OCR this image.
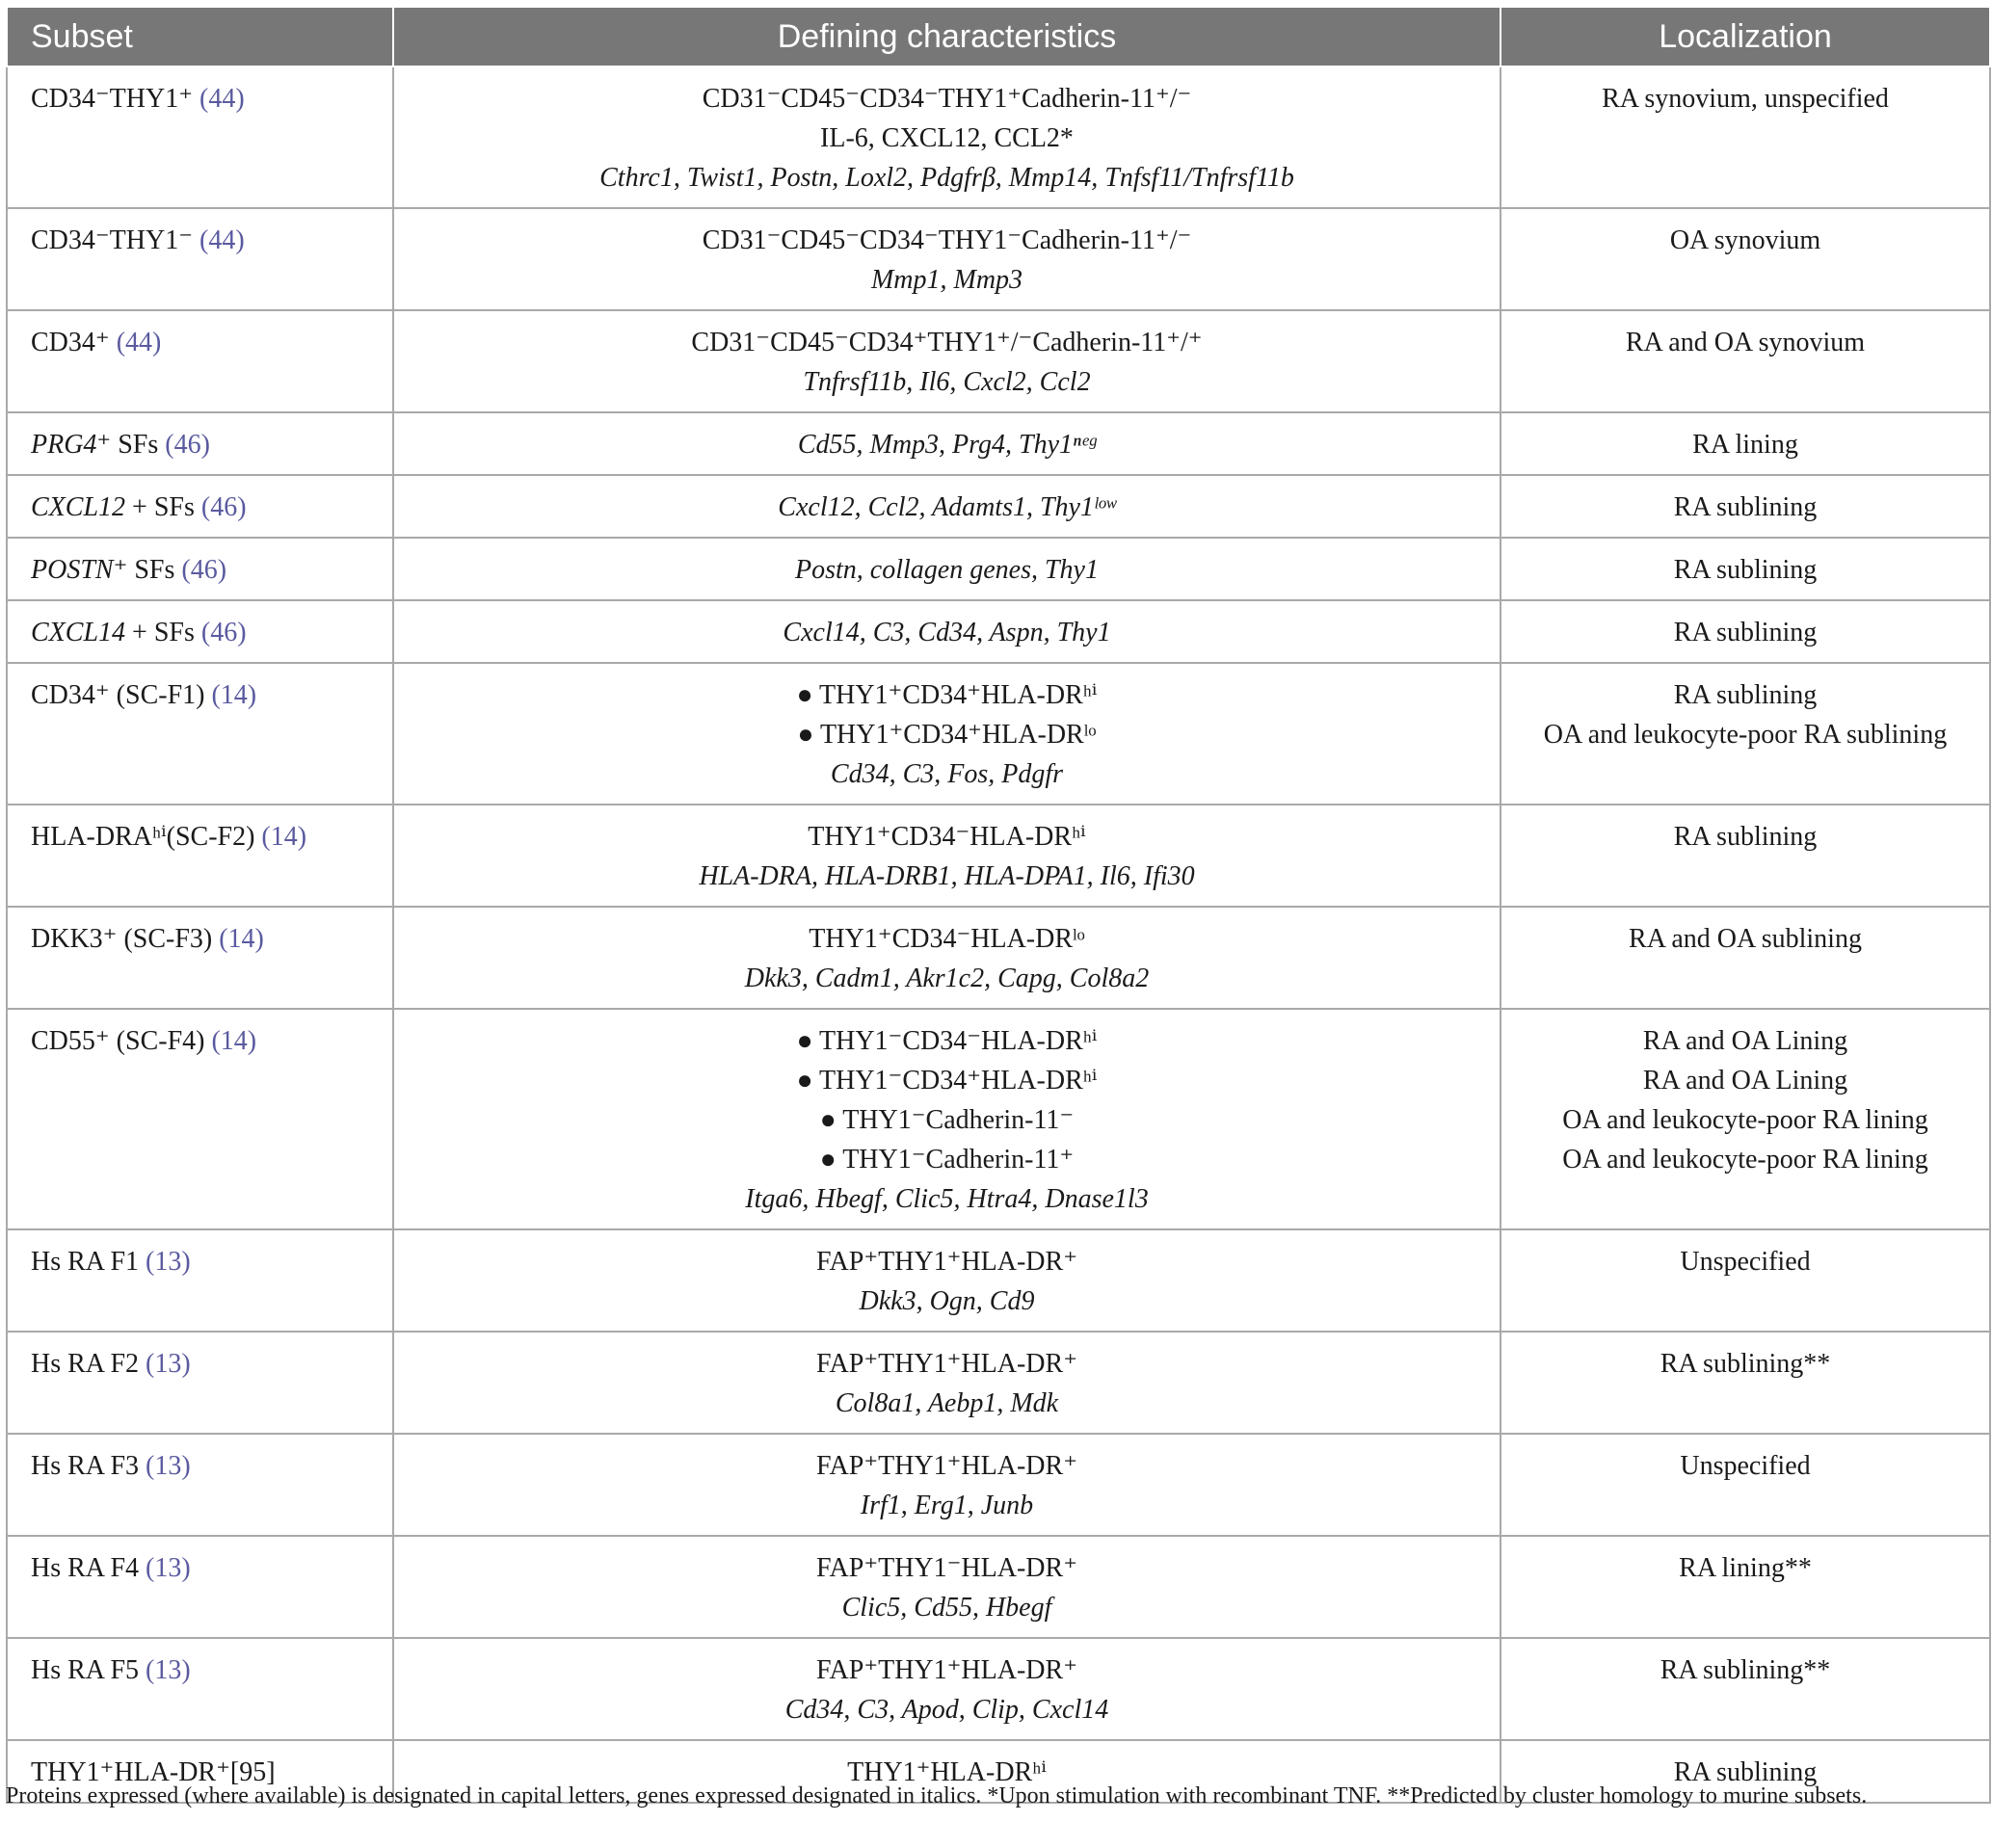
Subset	Defining characteristics	Localization
CD34⁻THY1⁺ (44)	CD31⁻CD45⁻CD34⁻THY1⁺Cadherin-11⁺/⁻
IL-6, CXCL12, CCL2*
Cthrc1, Twist1, Postn, Loxl2, Pdgfrβ, Mmp14, Tnfsf11/Tnfrsf11b	RA synovium, unspecified

CD34⁻THY1⁻ (44)	CD31⁻CD45⁻CD34⁻THY1⁻Cadherin-11⁺/⁻
Mmp1, Mmp3	OA synovium

CD34⁺ (44)	CD31⁻CD45⁻CD34⁺THY1⁺/⁻Cadherin-11⁺/⁺
Tnfrsf11b, Il6, Cxcl2, Ccl2	RA and OA synovium

PRG4⁺ SFs (46)	Cd55, Mmp3, Prg4, Thy1ⁿᵉᵍ	RA lining

CXCL12 + SFs (46)	Cxcl12, Ccl2, Adamts1, Thy1ˡᵒʷ	RA sublining

POSTN⁺ SFs (46)	Postn, collagen genes, Thy1	RA sublining

CXCL14 + SFs (46)	Cxcl14, C3, Cd34, Aspn, Thy1	RA sublining

CD34⁺ (SC-F1) (14)	● THY1⁺CD34⁺HLA-DRʰⁱ
● THY1⁺CD34⁺HLA-DRˡᵒ
Cd34, C3, Fos, Pdgfr	RA sublining
OA and leukocyte-poor RA sublining

HLA-DRAʰⁱ(SC-F2) (14)	THY1⁺CD34⁻HLA-DRʰⁱ
HLA-DRA, HLA-DRB1, HLA-DPA1, Il6, Ifi30	RA sublining

DKK3⁺ (SC-F3) (14)	THY1⁺CD34⁻HLA-DRˡᵒ
Dkk3, Cadm1, Akr1c2, Capg, Col8a2	RA and OA sublining

CD55⁺ (SC-F4) (14)	● THY1⁻CD34⁻HLA-DRʰⁱ
● THY1⁻CD34⁺HLA-DRʰⁱ
● THY1⁻Cadherin-11⁻
● THY1⁻Cadherin-11⁺
Itga6, Hbegf, Clic5, Htra4, Dnase1l3	RA and OA Lining
RA and OA Lining
OA and leukocyte-poor RA lining
OA and leukocyte-poor RA lining

Hs RA F1 (13)	FAP⁺THY1⁺HLA-DR⁺
Dkk3, Ogn, Cd9	Unspecified

Hs RA F2 (13)	FAP⁺THY1⁺HLA-DR⁺
Col8a1, Aebp1, Mdk	RA sublining**

Hs RA F3 (13)	FAP⁺THY1⁺HLA-DR⁺
Irf1, Erg1, Junb	Unspecified

Hs RA F4 (13)	FAP⁺THY1⁻HLA-DR⁺
Clic5, Cd55, Hbegf	RA lining**

Hs RA F5 (13)	FAP⁺THY1⁺HLA-DR⁺
Cd34, C3, Apod, Clip, Cxcl14	RA sublining**

THY1⁺HLA-DR⁺[95]	THY1⁺HLA-DRʰⁱ	RA sublining
Proteins expressed (where available) is designated in capital letters, genes expressed designated in italics. *Upon stimulation with recombinant TNF. **Predicted by cluster homology to murine subsets.
